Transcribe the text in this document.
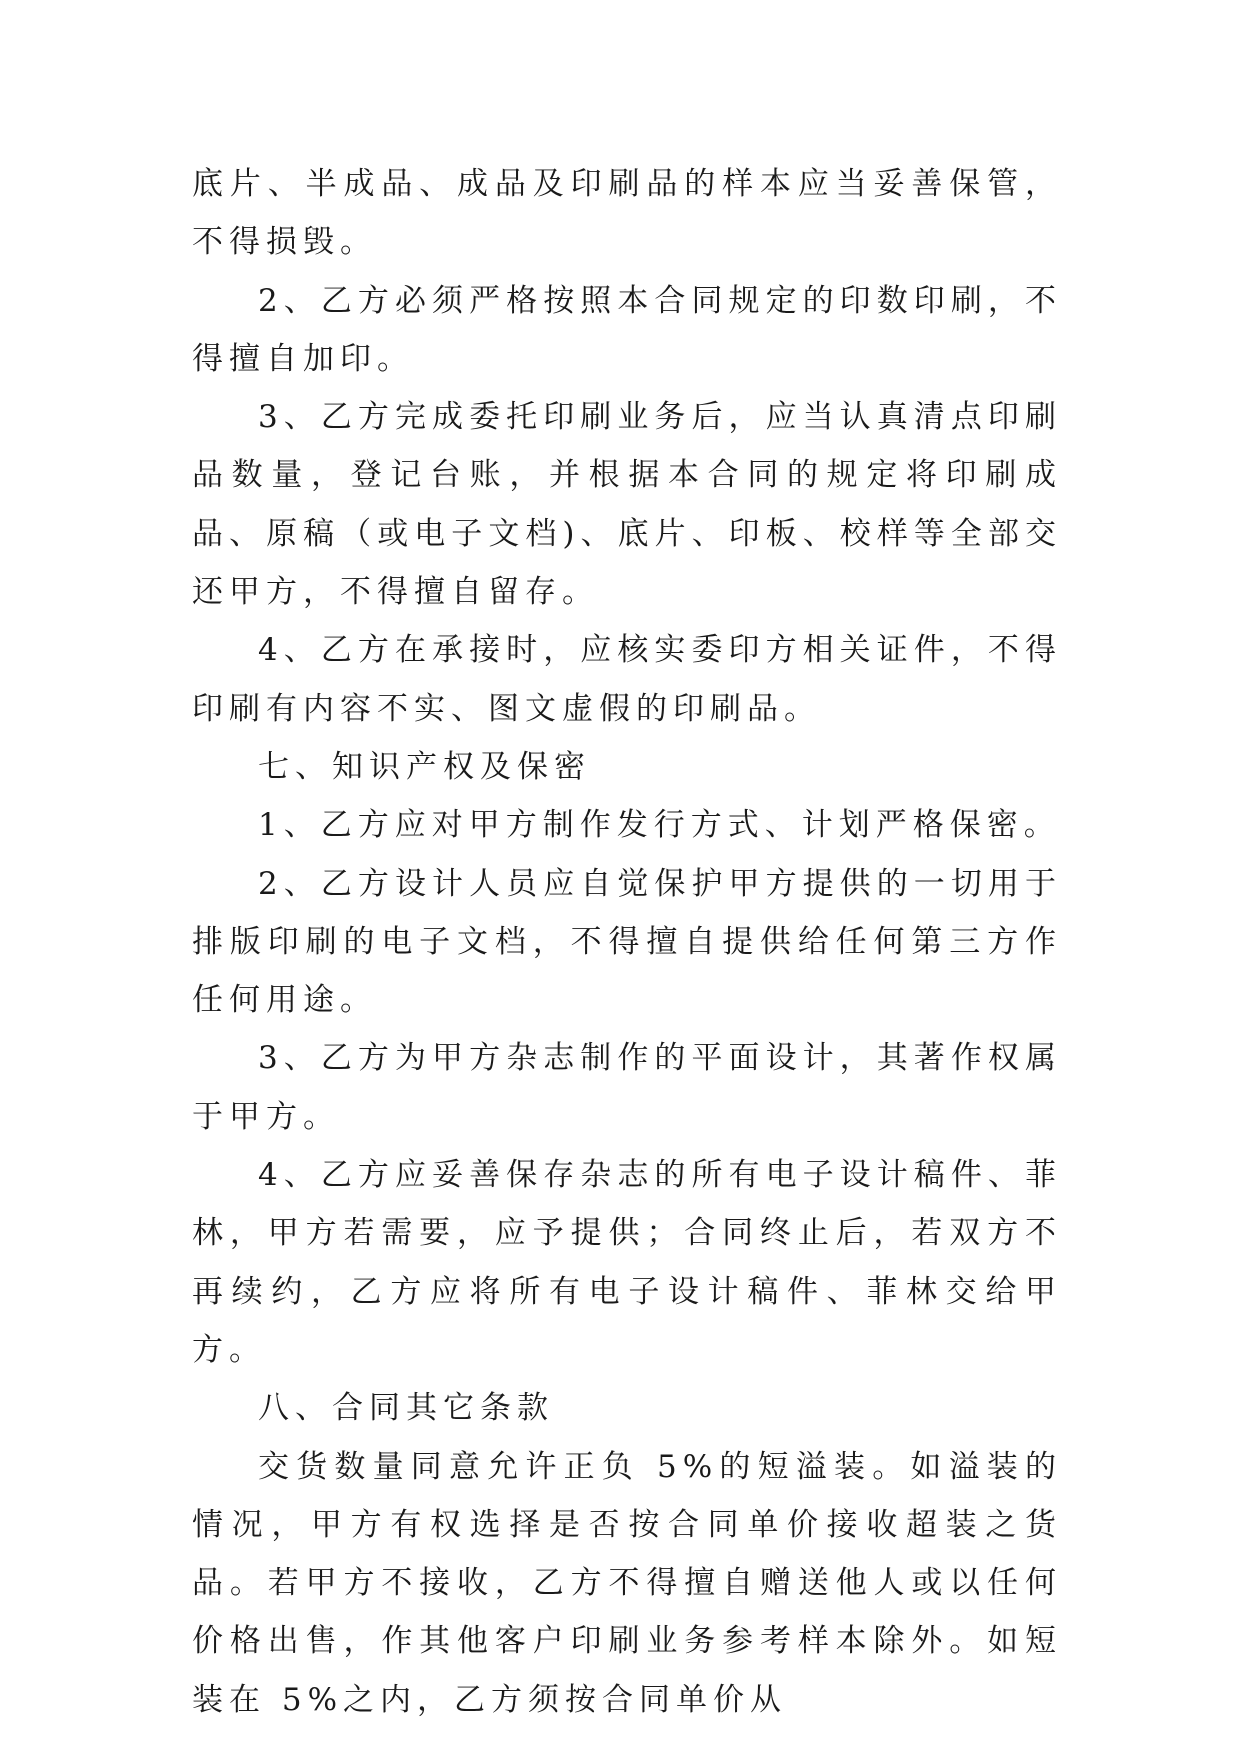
底片、半成品、成品及印刷品的样本应当妥善保管，不得损毁。

2、乙方必须严格按照本合同规定的印数印刷，不得擅自加印。

3、乙方完成委托印刷业务后，应当认真清点印刷品数量，登记台账，并根据本合同的规定将印刷成品、原稿（或电子文档)、底片、印板、校样等全部交还甲方，不得擅自留存。

4、乙方在承接时，应核实委印方相关证件，不得印刷有内容不实、图文虚假的印刷品。

七、知识产权及保密

1、乙方应对甲方制作发行方式、计划严格保密。

2、乙方设计人员应自觉保护甲方提供的一切用于排版印刷的电子文档，不得擅自提供给任何第三方作任何用途。

3、乙方为甲方杂志制作的平面设计，其著作权属于甲方。

4、乙方应妥善保存杂志的所有电子设计稿件、菲林，甲方若需要，应予提供；合同终止后，若双方不再续约，乙方应将所有电子设计稿件、菲林交给甲方。

八、合同其它条款

交货数量同意允许正负 5%的短溢装。如溢装的情况，甲方有权选择是否按合同单价接收超装之货品。若甲方不接收，乙方不得擅自赠送他人或以任何价格出售，作其他客户印刷业务参考样本除外。如短装在 5%之内，乙方须按合同单价从
